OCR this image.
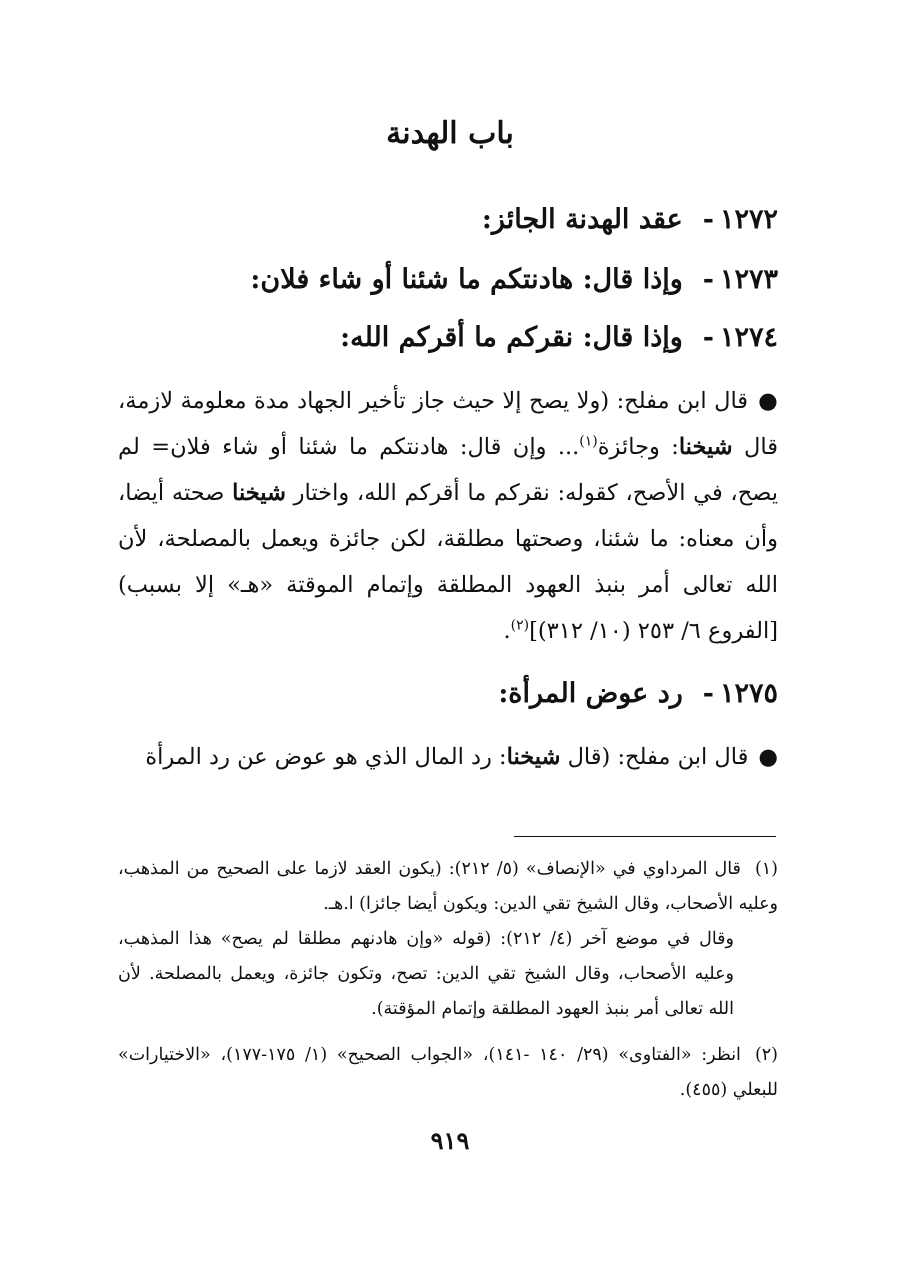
باب الهدنة
١٢٧٢-عقد الهدنة الجائز:
١٢٧٣-وإذا قال: هادنتكم ما شئنا أو شاء فلان:
١٢٧٤-وإذا قال: نقركم ما أقركم الله:
●قال ابن مفلح: (ولا يصح إلا حيث جاز تأخير الجهاد مدة معلومة لازمة، قال شيخنا: وجائزة$^{(١)}$... وإن قال: هادنتكم ما شئنا أو شاء فلان= لم يصح، في الأصح، كقوله: نقركم ما أقركم الله، واختار شيخنا صحته أيضا، وأن معناه: ما شئنا، وصحتها مطلقة، لكن جائزة ويعمل بالمصلحة، لأن الله تعالى أمر بنبذ العهود المطلقة وإتمام الموقتة «هـ» إلا بسبب) [الفروع ٦/ ٢٥٣ (١٠/ ٣١٢)]$^{(٢)}$.
١٢٧٥-رد عوض المرأة:
●قال ابن مفلح: (قال شيخنا: رد المال الذي هو عوض عن رد المرأة
(١)قال المرداوي في «الإنصاف» (٥/ ٢١٢): (يكون العقد لازما على الصحيح من المذهب، وعليه الأصحاب، وقال الشيخ تقي الدين: ويكون أيضا جائزا) ا.هـ.
وقال في موضع آخر (٤/ ٢١٢): (قوله «وإن هادنهم مطلقا لم يصح» هذا المذهب، وعليه الأصحاب، وقال الشيخ تقي الدين: تصح، وتكون جائزة، ويعمل بالمصلحة. لأن الله تعالى أمر بنبذ العهود المطلقة وإتمام المؤقتة).
(٢)انظر: «الفتاوى» (٢٩/ ١٤٠ -١٤١)، «الجواب الصحيح» (١/ ١٧٥-١٧٧)، «الاختيارات» للبعلي (٤٥٥).
٩١٩
